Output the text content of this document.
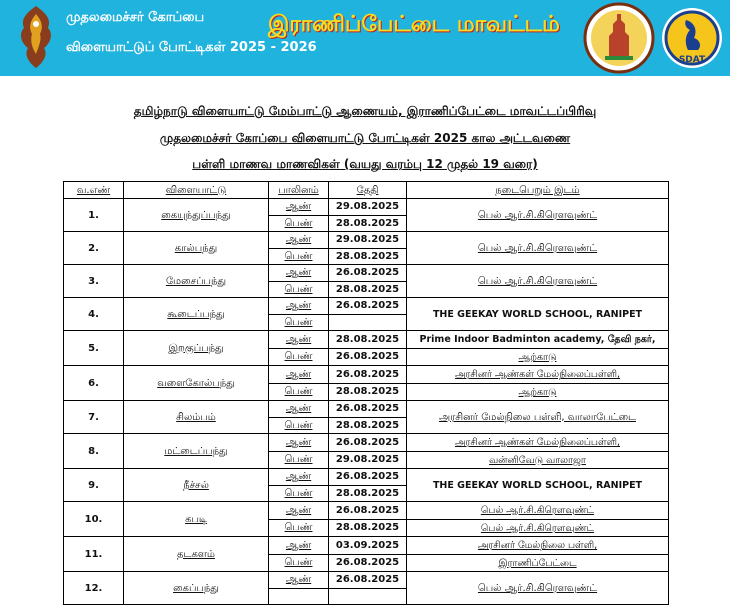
முதலமைச்சர் கோப்பை
விளையாட்டுப் போட்டிகள் 2025 - 2026
இராணிப்பேட்டை மாவட்டம்
SDAT
தமிழ்நாடு விளையாட்டு மேம்பாட்டு ஆணையம், இராணிப்பேட்டை மாவட்டப்பிரிவு
முதலமைச்சர் கோப்பை விளையாட்டு போட்டிகள் 2025 கால அட்டவணை
பள்ளி மாணவ மாணவிகள் (வயது வரம்பு 12 முதல் 19 வரை)
வ.எண்	விளையாட்டு	பாலினம்	தேதி	நடைபெறும் இடம்
1.	கையுந்துப்பந்து	ஆண்	29.08.2025	பெல் ஆர்.சி.கிரௌவுண்ட்
		பெண்	28.08.2025	
2.	கால்பந்து	ஆண்	29.08.2025	பெல் ஆர்.சி.கிரௌவுண்ட்
		பெண்	28.08.2025	
3.	மேசைப்பந்து	ஆண்	26.08.2025	பெல் ஆர்.சி.கிரௌவுண்ட்
		பெண்	28.08.2025	
4.	கூடைப்பந்து	ஆண்	26.08.2025	THE GEEKAY WORLD SCHOOL, RANIPET
		பெண்		
5.	இறகுப்பந்து	ஆண்	28.08.2025	Prime Indoor Badminton academy, தேவி நகர்,
		பெண்	26.08.2025	ஆற்காடு
6.	வளைகோல்பந்து	ஆண்	26.08.2025	அரசினர் ஆண்கள் மேல்நிலைப்பள்ளி,
		பெண்	28.08.2025	ஆற்காடு
7.	சிலம்பம்	ஆண்	26.08.2025	அரசினர் மேல்நிலை பள்ளி, வாலாபேட்டை
		பெண்	28.08.2025	
8.	மட்டைப்பந்து	ஆண்	26.08.2025	அரசினர் ஆண்கள் மேல்நிலைப்பள்ளி,
		பெண்	29.08.2025	வன்னிவேடு வாலாஜா
9.	நீச்சல்	ஆண்	26.08.2025	THE GEEKAY WORLD SCHOOL, RANIPET
		பெண்	28.08.2025	
10.	கபடி	ஆண்	26.08.2025	பெல் ஆர்.சி.கிரௌவுண்ட்
		பெண்	28.08.2025	பெல் ஆர்.சி.கிரௌவுண்ட்
11.	தடகளம்	ஆண்	03.09.2025	அரசினர் மேல்நிலை பள்ளி,
		பெண்	26.08.2025	இராணிப்பேட்டை
12.	கைப்பந்து	ஆண்	26.08.2025	பெல் ஆர்.சி.கிரௌவுண்ட்
